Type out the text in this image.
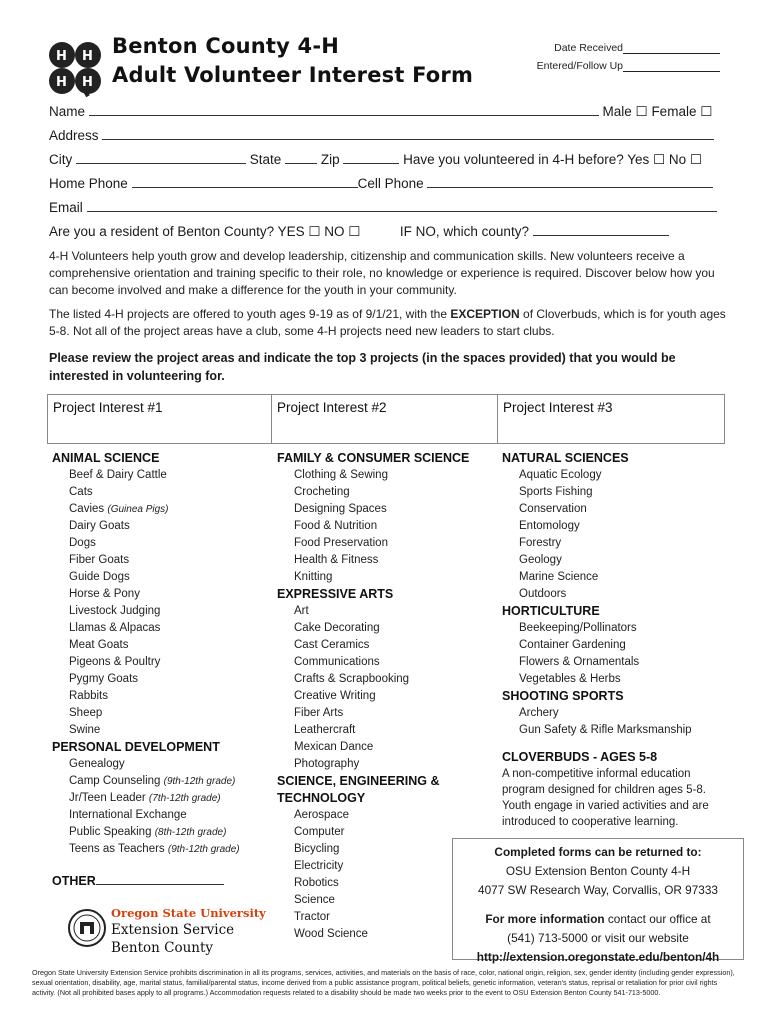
H H
H H
Benton County 4-H
Adult Volunteer Interest Form
Date Received
Entered/Follow Up
Name	Male ☐ Female ☐
Address
City	State	Zip	Have you volunteered in 4-H before? Yes ☐ No ☐
Home Phone	Cell Phone
Email
Are you a resident of Benton County? YES ☐ NO ☐	IF NO, which county?
4-H Volunteers help youth grow and develop leadership, citizenship and communication skills. New volunteers receive a comprehensive orientation and training specific to their role, no knowledge or experience is required. Discover below how you can become involved and make a difference for the youth in your community.
The listed 4-H projects are offered to youth ages 9-19 as of 9/1/21, with the EXCEPTION of Cloverbuds, which is for youth ages 5-8. Not all of the project areas have a club, some 4-H projects need new leaders to start clubs.
Please review the project areas and indicate the top 3 projects (in the spaces provided) that you would be interested in volunteering for.
Project Interest #1	Project Interest #2	Project Interest #3
ANIMAL SCIENCE
Beef & Dairy Cattle
Cats
Cavies (Guinea Pigs)
Dairy Goats
Dogs
Fiber Goats
Guide Dogs
Horse & Pony
Livestock Judging
Llamas & Alpacas
Meat Goats
Pigeons & Poultry
Pygmy Goats
Rabbits
Sheep
Swine
PERSONAL DEVELOPMENT
Genealogy
Camp Counseling (9th-12th grade)
Jr/Teen Leader (7th-12th grade)
International Exchange
Public Speaking (8th-12th grade)
Teens as Teachers (9th-12th grade)
OTHER
FAMILY & CONSUMER SCIENCE
Clothing & Sewing
Crocheting
Designing Spaces
Food & Nutrition
Food Preservation
Health & Fitness
Knitting
EXPRESSIVE ARTS
Art
Cake Decorating
Cast Ceramics
Communications
Crafts & Scrapbooking
Creative Writing
Fiber Arts
Leathercraft
Mexican Dance
Photography
SCIENCE, ENGINEERING &
TECHNOLOGY
Aerospace
Computer
Bicycling
Electricity
Robotics
Science
Tractor
Wood Science
NATURAL SCIENCES
Aquatic Ecology
Sports Fishing
Conservation
Entomology
Forestry
Geology
Marine Science
Outdoors
HORTICULTURE
Beekeeping/Pollinators
Container Gardening
Flowers & Ornamentals
Vegetables & Herbs
SHOOTING SPORTS
Archery
Gun Safety & Rifle Marksmanship
CLOVERBUDS - AGES 5-8
A non-competitive informal education program designed for children ages 5-8. Youth engage in varied activities and are introduced to cooperative learning.
Completed forms can be returned to:
OSU Extension Benton County 4-H
4077 SW Research Way, Corvallis, OR 97333
For more information contact our office at
(541) 713-5000 or visit our website
http://extension.oregonstate.edu/benton/4h
Oregon State University
Extension Service
Benton County
Oregon State University Extension Service prohibits discrimination in all its programs, services, activities, and materials on the basis of race, color, national origin, religion, sex, gender identity (including gender expression), sexual orientation, disability, age, marital status, familial/parental status, income derived from a public assistance program, political beliefs, genetic information, veteran's status, reprisal or retaliation for prior civil rights activity. (Not all prohibited bases apply to all programs.) Accommodation requests related to a disability should be made two weeks prior to the event to OSU Extension Benton County 541-713-5000.
